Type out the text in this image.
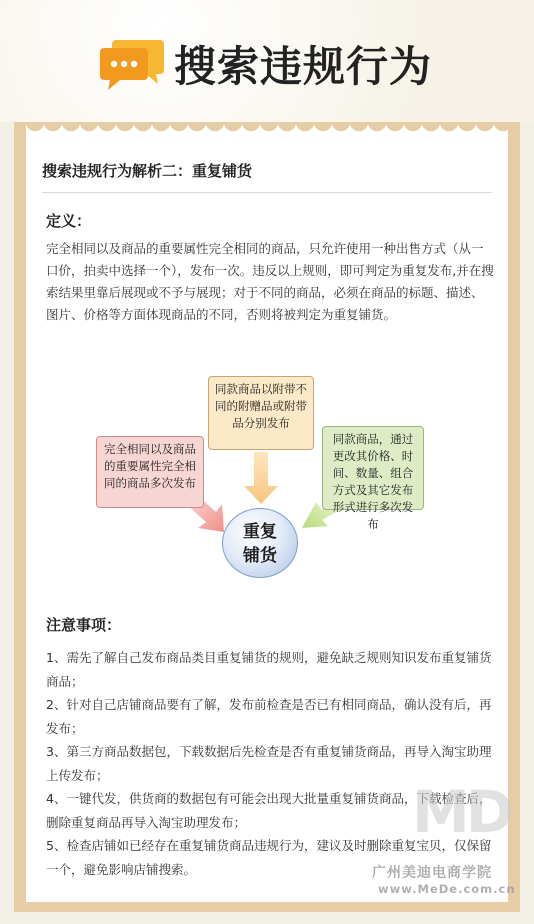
搜索违规行为
搜索违规行为解析二：重复铺货
定义：
完全相同以及商品的重要属性完全相同的商品，只允许使用一种出售方式（从一口价，拍卖中选择一个），发布一次。违反以上规则，即可判定为重复发布,并在搜索结果里靠后展现或不予与展现；对于不同的商品，必须在商品的标题、描述、图片、价格等方面体现商品的不同，否则将被判定为重复铺货。
同款商品以附带不同的附赠品或附带品分别发布
完全相同以及商品的重要属性完全相同的商品多次发布
同款商品，通过更改其价格、时间、数量、组合方式及其它发布形式进行多次发布
重复
铺货
注意事项：

1、需先了解自己发布商品类目重复铺货的规则，避免缺乏规则知识发布重复铺货商品；

2、针对自己店铺商品要有了解，发布前检查是否已有相同商品，确认没有后，再发布；

3、第三方商品数据包，下载数据后先检查是否有重复铺货商品，再导入淘宝助理上传发布；

4、一键代发，供货商的数据包有可能会出现大批量重复铺货商品，下载检查后，删除重复商品再导入淘宝助理发布；

5、检查店铺如已经存在重复铺货商品违规行为，建议及时删除重复宝贝，仅保留一个，避免影响店铺搜索。

MD
广州美迪电商学院
www.MeDe.com.cn
